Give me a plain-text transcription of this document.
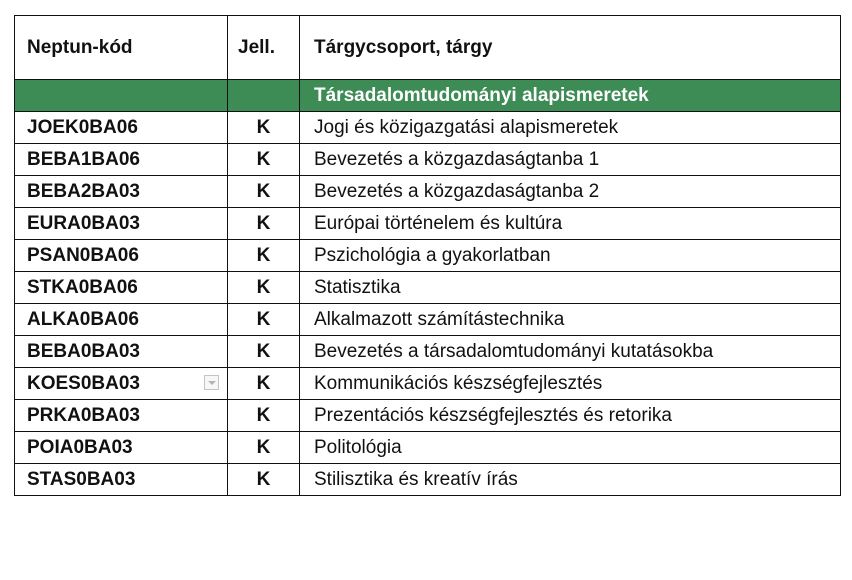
Neptun-kód	Jell.	Tárgycsoport, tárgy
		Társadalomtudományi alapismeretek
JOEK0BA06	K	Jogi és közigazgatási alapismeretek
BEBA1BA06	K	Bevezetés a közgazdaságtanba 1
BEBA2BA03	K	Bevezetés a közgazdaságtanba 2
EURA0BA03	K	Európai történelem és kultúra
PSAN0BA06	K	Pszichológia a gyakorlatban
STKA0BA06	K	Statisztika
ALKA0BA06	K	Alkalmazott számítástechnika
BEBA0BA03	K	Bevezetés a társadalomtudományi kutatásokba
KOES0BA03	K	Kommunikációs készségfejlesztés
PRKA0BA03	K	Prezentációs készségfejlesztés és retorika
POIA0BA03	K	Politológia
STAS0BA03	K	Stilisztika és kreatív írás
